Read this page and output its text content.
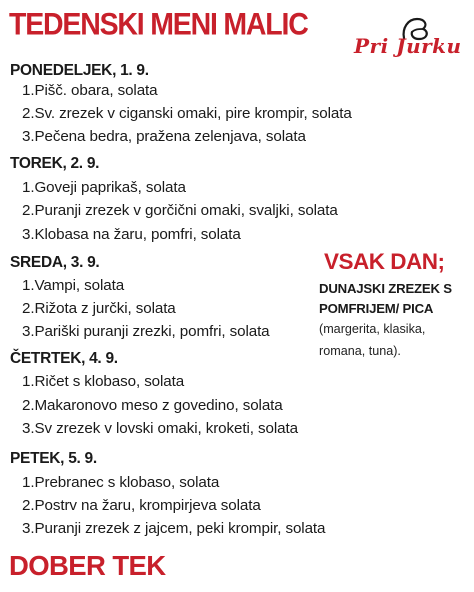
TEDENSKI MENI MALIC
Pri Jurku
PONEDELJEK, 1. 9.
1.Pišč. obara, solata
2.Sv. zrezek v ciganski omaki, pire krompir, solata
3.Pečena bedra, pražena zelenjava, solata
TOREK, 2. 9.
1.Goveji paprikaš, solata
2.Puranji zrezek v gorčični omaki, svaljki, solata
3.Klobasa na žaru, pomfri, solata
SREDA, 3. 9.
1.Vampi, solata
2.Rižota z jurčki, solata
3.Pariški puranji zrezki, pomfri, solata
ČETRTEK, 4. 9.
1.Ričet s klobaso, solata
2.Makaronovo meso z govedino, solata
3.Sv zrezek v lovski omaki, kroketi, solata
PETEK, 5. 9.
1.Prebranec s klobaso, solata
2.Postrv na žaru, krompirjeva solata
3.Puranji zrezek z jajcem, peki krompir, solata
VSAK DAN;
DUNAJSKI ZREZEK S
POMFRIJEM/ PICA
(margerita, klasika,
romana, tuna).
DOBER TEK
